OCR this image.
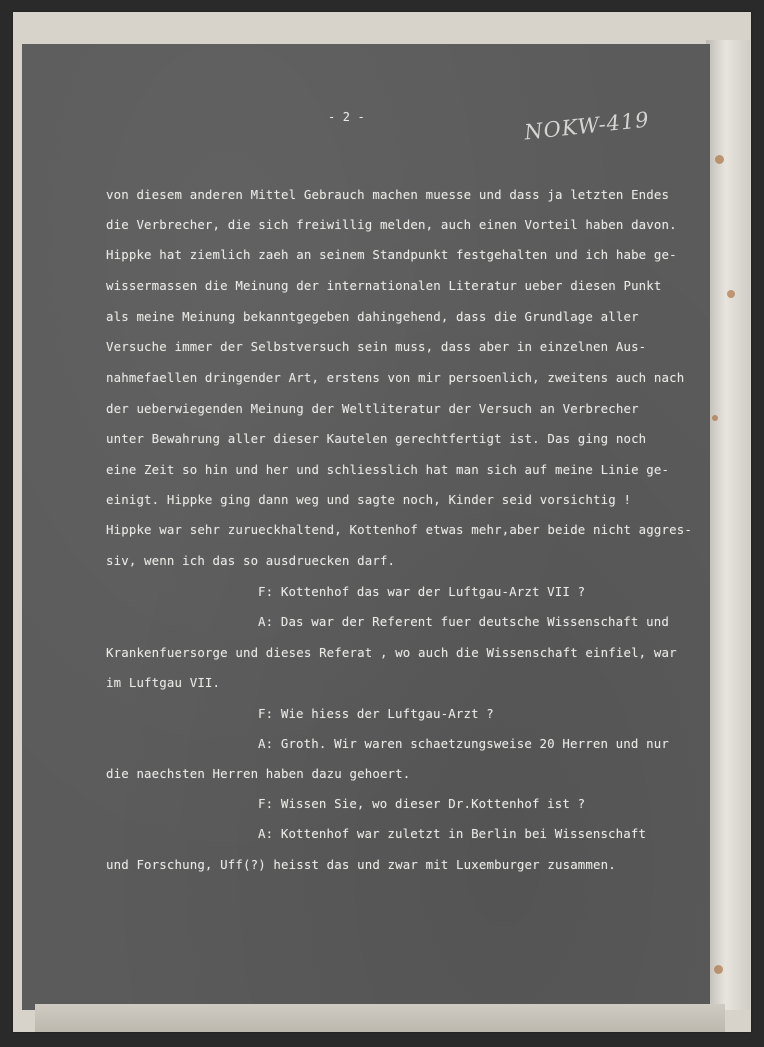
- 2 -	NOKW-419
von diesem anderen Mittel Gebrauch machen muesse und dass ja letzten Endes
die Verbrecher, die sich freiwillig melden, auch einen Vorteil haben davon.
Hippke hat ziemlich zaeh an seinem Standpunkt festgehalten und ich habe ge-
wissermassen die Meinung der internationalen Literatur ueber diesen Punkt
als meine Meinung bekanntgegeben dahingehend, dass die Grundlage aller
Versuche immer der Selbstversuch sein muss, dass aber in einzelnen Aus-
nahmefaellen dringender Art, erstens von mir persoenlich, zweitens auch nach
der ueberwiegenden Meinung der Weltliteratur der Versuch an Verbrecher
unter Bewahrung aller dieser Kautelen gerechtfertigt ist. Das ging noch
eine Zeit so hin und her und schliesslich hat man sich auf meine Linie ge-
einigt. Hippke ging dann weg und sagte noch, Kinder seid vorsichtig !
Hippke war sehr zurueckhaltend, Kottenhof etwas mehr,aber beide nicht aggres-
siv, wenn ich das so ausdruecken darf.
F: Kottenhof das war der Luftgau-Arzt VII ?
A: Das war der Referent fuer deutsche Wissenschaft und
Krankenfuersorge und dieses Referat , wo auch die Wissenschaft einfiel, war
im Luftgau VII.
F: Wie hiess der Luftgau-Arzt ?
A: Groth. Wir waren schaetzungsweise 20 Herren und nur
die naechsten Herren haben dazu gehoert.
F: Wissen Sie, wo dieser Dr.Kottenhof ist ?
A: Kottenhof war zuletzt in Berlin bei Wissenschaft
und Forschung, Uff(?) heisst das und zwar mit Luxemburger zusammen.
